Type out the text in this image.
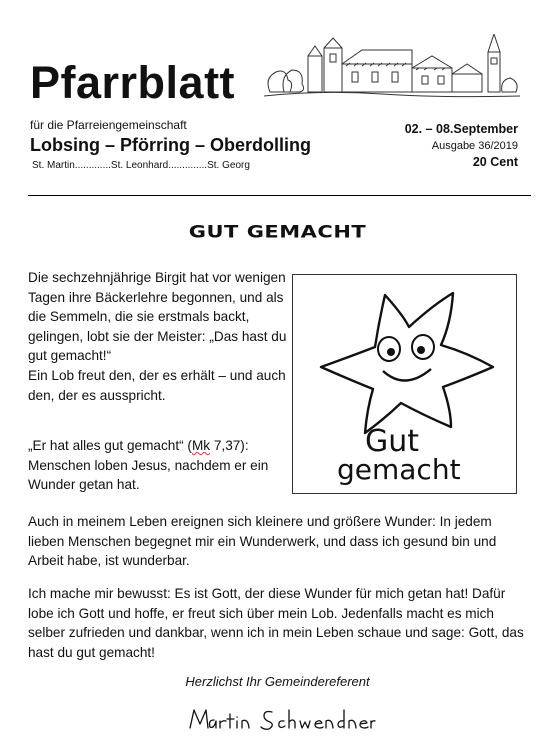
Pfarrblatt
für die Pfarreiengemeinschaft
Lobsing – Pförring – Oberdolling
St. Martin.............St. Leonhard..............St. Georg
02. – 08.September
Ausgabe 36/2019
20 Cent
GUT GEMACHT
Die sechzehnjährige Birgit hat vor wenigen Tagen ihre Bäckerlehre begonnen, und als die Semmeln, die sie erstmals backt, gelingen, lobt sie der Meister: „Das hast du gut gemacht!“
Ein Lob freut den, der es erhält – und auch den, der es ausspricht.
„Er hat alles gut gemacht“ (Mk 7,37): Menschen loben Jesus, nachdem er ein Wunder getan hat.
Gut
gemacht
Auch in meinem Leben ereignen sich kleinere und größere Wunder: In jedem lieben Menschen begegnet mir ein Wunderwerk, und dass ich gesund bin und Arbeit habe, ist wunderbar.
Ich mache mir bewusst: Es ist Gott, der diese Wunder für mich getan hat! Dafür lobe ich Gott und hoffe, er freut sich über mein Lob. Jedenfalls macht es mich selber zufrieden und dankbar, wenn ich in mein Leben schaue und sage: Gott, das hast du gut gemacht!
Herzlichst Ihr Gemeindereferent
